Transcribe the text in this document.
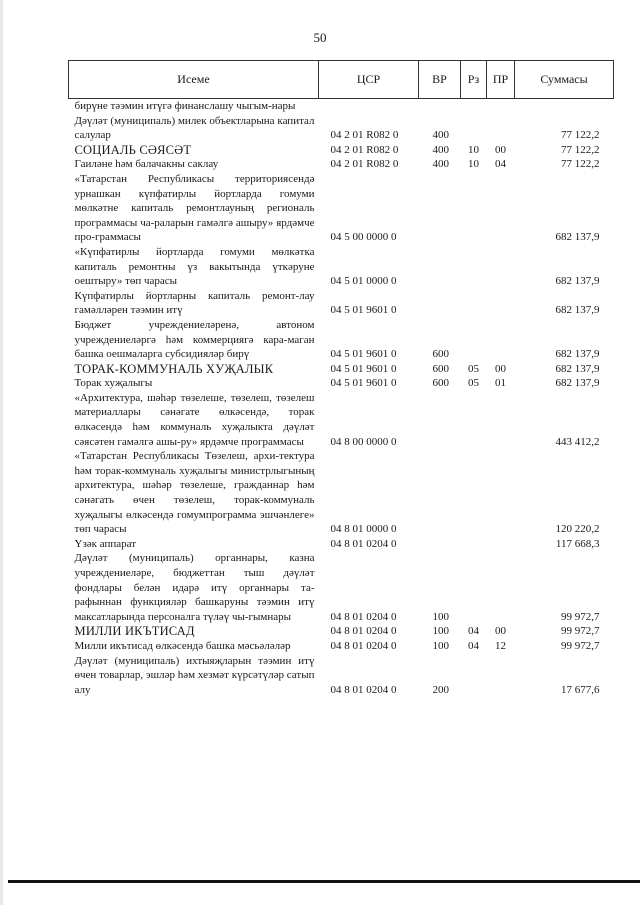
50
Исеме	ЦСР	ВР	Рз	ПР	Суммасы
бирүне тәэмин итүгә финанслашу чыгым-нары					
Дәүләт (муниципаль) милек объектларына капитал салулар	04 2 01 R082 0	400			77 122,2
СОЦИАЛЬ СӘЯСӘТ	04 2 01 R082 0	400	10	00	77 122,2
Гаиләне һәм балачакны саклау	04 2 01 R082 0	400	10	04	77 122,2
«Татарстан Республикасы территориясендә урнашкан күпфатирлы йортларда гомуми мөлкәтне капиталь ремонтлауның региональ программасы ча-раларын гамәлгә ашыру» ярдәмче про-граммасы	04 5 00 0000 0				682 137,9
«Күпфатирлы йортларда гомуми мөлкәтка капиталь ремонтны үз вакытында үткәруне оештыру» төп чарасы	04 5 01 0000 0				682 137,9
Күпфатирлы йортларны капиталь ремонт-лау гамәлләрен тәэмин итү	04 5 01 9601 0				682 137,9
Бюджет учреждениеләренә, автоном учреждениеләргә һәм коммерциягә кара-маган башка оешмаларга субсидияләр бирү	04 5 01 9601 0	600			682 137,9
ТОРАК-КОММУНАЛЬ ХУҖАЛЫК	04 5 01 9601 0	600	05	00	682 137,9
Торак хуҗалыгы	04 5 01 9601 0	600	05	01	682 137,9
«Архитектура, шәһәр төзелеше, төзелеш, төзелеш материаллары сәнәгате өлкәсендә, торак өлкәсендә һәм коммуналь хуҗалыкта дәүләт сәясәтен гамәлгә ашы-ру» ярдәмче программасы	04 8 00 0000 0				443 412,2
«Татарстан Республикасы Төзелеш, архи-тектура һәм торак-коммуналь хуҗалыгы министрлыгының архитектура, шәһәр төзелеше, гражданнар һәм сәнәгать өчен төзелеш, торак-коммуналь хуҗалыгы өлкәсендә гомумпрограмма эшчәнлеге» төп чарасы	04 8 01 0000 0				120 220,2
Үзәк аппарат	04 8 01 0204 0				117 668,3
Дәүләт (муниципаль) органнары, казна учреждениеләре, бюджеттан тыш дәүләт фондлары белән идарә итү органнары та-рафыннан функцияләр башкаруны тәэмин итү максатларында персоналга түләү чы-гымнары	04 8 01 0204 0	100			99 972,7
МИЛЛИ ИКЪТИСАД	04 8 01 0204 0	100	04	00	99 972,7
Милли икътисад өлкәсендә башка мәсьәләләр	04 8 01 0204 0	100	04	12	99 972,7
Дәүләт (муниципаль) ихтыяҗларын тәэмин итү өчен товарлар, эшләр һәм хезмәт күрсәтүләр сатып алу	04 8 01 0204 0	200			17 677,6
